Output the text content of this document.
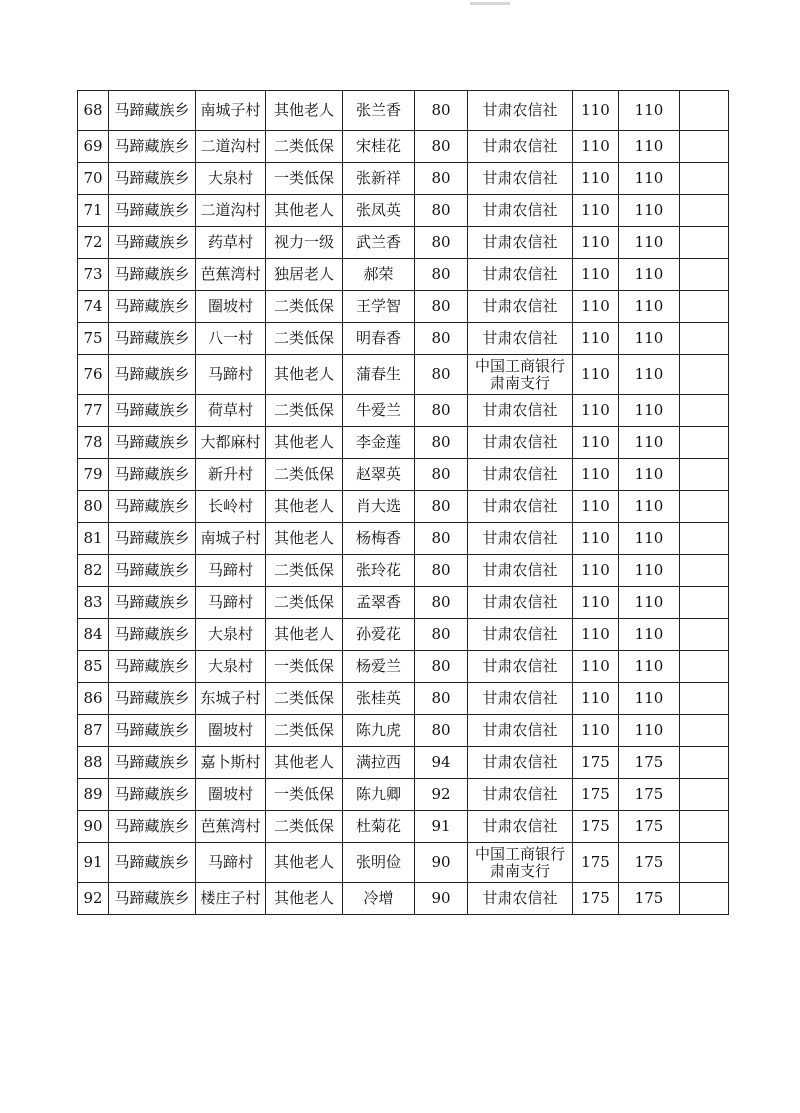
68	马蹄藏族乡	南城子村	其他老人	张兰香	80	甘肃农信社	110	110	
69	马蹄藏族乡	二道沟村	二类低保	宋桂花	80	甘肃农信社	110	110	
70	马蹄藏族乡	大泉村	一类低保	张新祥	80	甘肃农信社	110	110	
71	马蹄藏族乡	二道沟村	其他老人	张凤英	80	甘肃农信社	110	110	
72	马蹄藏族乡	药草村	视力一级	武兰香	80	甘肃农信社	110	110	
73	马蹄藏族乡	芭蕉湾村	独居老人	郝荣	80	甘肃农信社	110	110	
74	马蹄藏族乡	圈坡村	二类低保	王学智	80	甘肃农信社	110	110	
75	马蹄藏族乡	八一村	二类低保	明春香	80	甘肃农信社	110	110	
76	马蹄藏族乡	马蹄村	其他老人	蒲春生	80	中国工商银行
肃南支行	110	110	
77	马蹄藏族乡	荷草村	二类低保	牛爱兰	80	甘肃农信社	110	110	
78	马蹄藏族乡	大都麻村	其他老人	李金莲	80	甘肃农信社	110	110	
79	马蹄藏族乡	新升村	二类低保	赵翠英	80	甘肃农信社	110	110	
80	马蹄藏族乡	长岭村	其他老人	肖大选	80	甘肃农信社	110	110	
81	马蹄藏族乡	南城子村	其他老人	杨梅香	80	甘肃农信社	110	110	
82	马蹄藏族乡	马蹄村	二类低保	张玲花	80	甘肃农信社	110	110	
83	马蹄藏族乡	马蹄村	二类低保	孟翠香	80	甘肃农信社	110	110	
84	马蹄藏族乡	大泉村	其他老人	孙爱花	80	甘肃农信社	110	110	
85	马蹄藏族乡	大泉村	一类低保	杨爱兰	80	甘肃农信社	110	110	
86	马蹄藏族乡	东城子村	二类低保	张桂英	80	甘肃农信社	110	110	
87	马蹄藏族乡	圈坡村	二类低保	陈九虎	80	甘肃农信社	110	110	
88	马蹄藏族乡	嘉卜斯村	其他老人	满拉西	94	甘肃农信社	175	175	
89	马蹄藏族乡	圈坡村	一类低保	陈九卿	92	甘肃农信社	175	175	
90	马蹄藏族乡	芭蕉湾村	二类低保	杜菊花	91	甘肃农信社	175	175	
91	马蹄藏族乡	马蹄村	其他老人	张明俭	90	中国工商银行
肃南支行	175	175	
92	马蹄藏族乡	楼庄子村	其他老人	冷增	90	甘肃农信社	175	175	
